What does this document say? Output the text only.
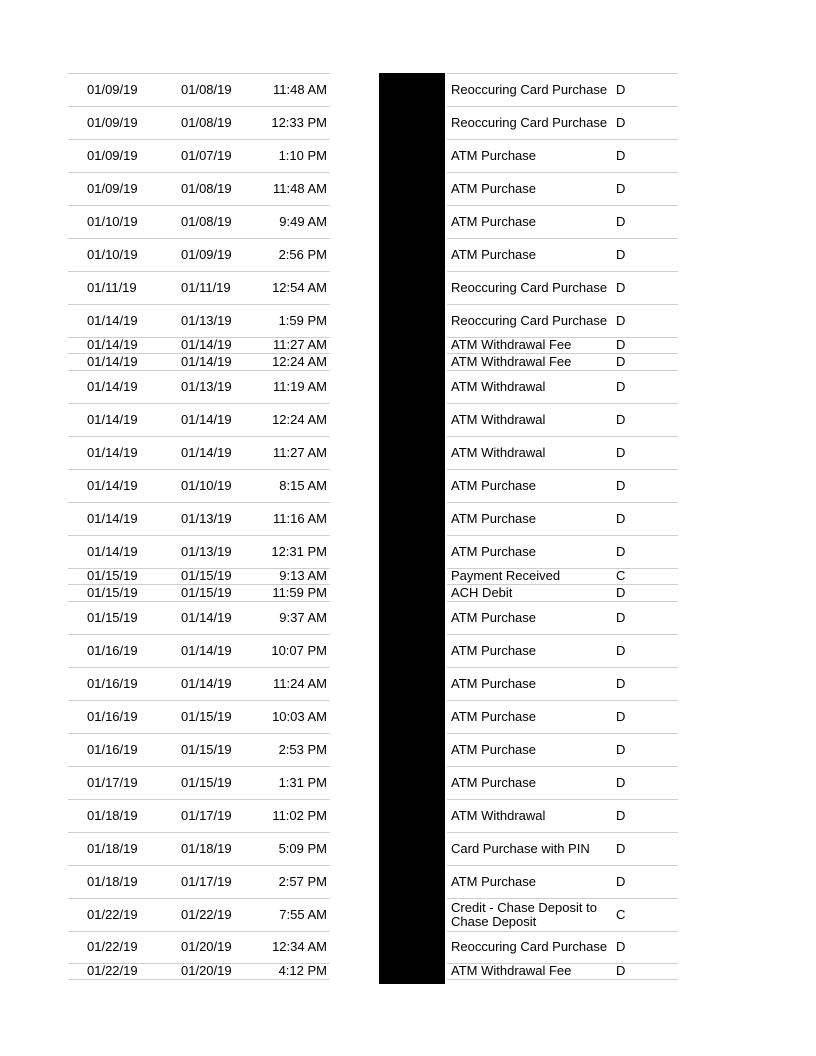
01/09/19	01/08/19	11:48 AM	Reoccuring Card Purchase D
01/09/19	01/08/19	12:33 PM	Reoccuring Card Purchase D
01/09/19	01/07/19	1:10 PM	ATM Purchase	D
01/09/19	01/08/19	11:48 AM	ATM Purchase	D
01/10/19	01/08/19	9:49 AM	ATM Purchase	D
01/10/19	01/09/19	2:56 PM	ATM Purchase	D
01/11/19	01/11/19	12:54 AM	Reoccuring Card Purchase D
01/14/19	01/13/19	1:59 PM	Reoccuring Card Purchase D
01/14/19	01/14/19	11:27 AM	ATM Withdrawal Fee	D
01/14/19	01/14/19	12:24 AM	ATM Withdrawal Fee	D
01/14/19	01/13/19	11:19 AM	ATM Withdrawal	D
01/14/19	01/14/19	12:24 AM	ATM Withdrawal	D
01/14/19	01/14/19	11:27 AM	ATM Withdrawal	D
01/14/19	01/10/19	8:15 AM	ATM Purchase	D
01/14/19	01/13/19	11:16 AM	ATM Purchase	D
01/14/19	01/13/19	12:31 PM	ATM Purchase	D
01/15/19	01/15/19	9:13 AM	Payment Received	C
01/15/19	01/15/19	11:59 PM	ACH Debit	D
01/15/19	01/14/19	9:37 AM	ATM Purchase	D
01/16/19	01/14/19	10:07 PM	ATM Purchase	D
01/16/19	01/14/19	11:24 AM	ATM Purchase	D
01/16/19	01/15/19	10:03 AM	ATM Purchase	D
01/16/19	01/15/19	2:53 PM	ATM Purchase	D
01/17/19	01/15/19	1:31 PM	ATM Purchase	D
01/18/19	01/17/19	11:02 PM	ATM Withdrawal	D
01/18/19	01/18/19	5:09 PM	Card Purchase with PIN	D
01/18/19	01/17/19	2:57 PM	ATM Purchase	D
01/22/19	01/22/19	7:55 AM	Credit - Chase Deposit to Chase Deposit	C
01/22/19	01/20/19	12:34 AM	Reoccuring Card Purchase D
01/22/19	01/20/19	4:12 PM	ATM Withdrawal Fee	D
